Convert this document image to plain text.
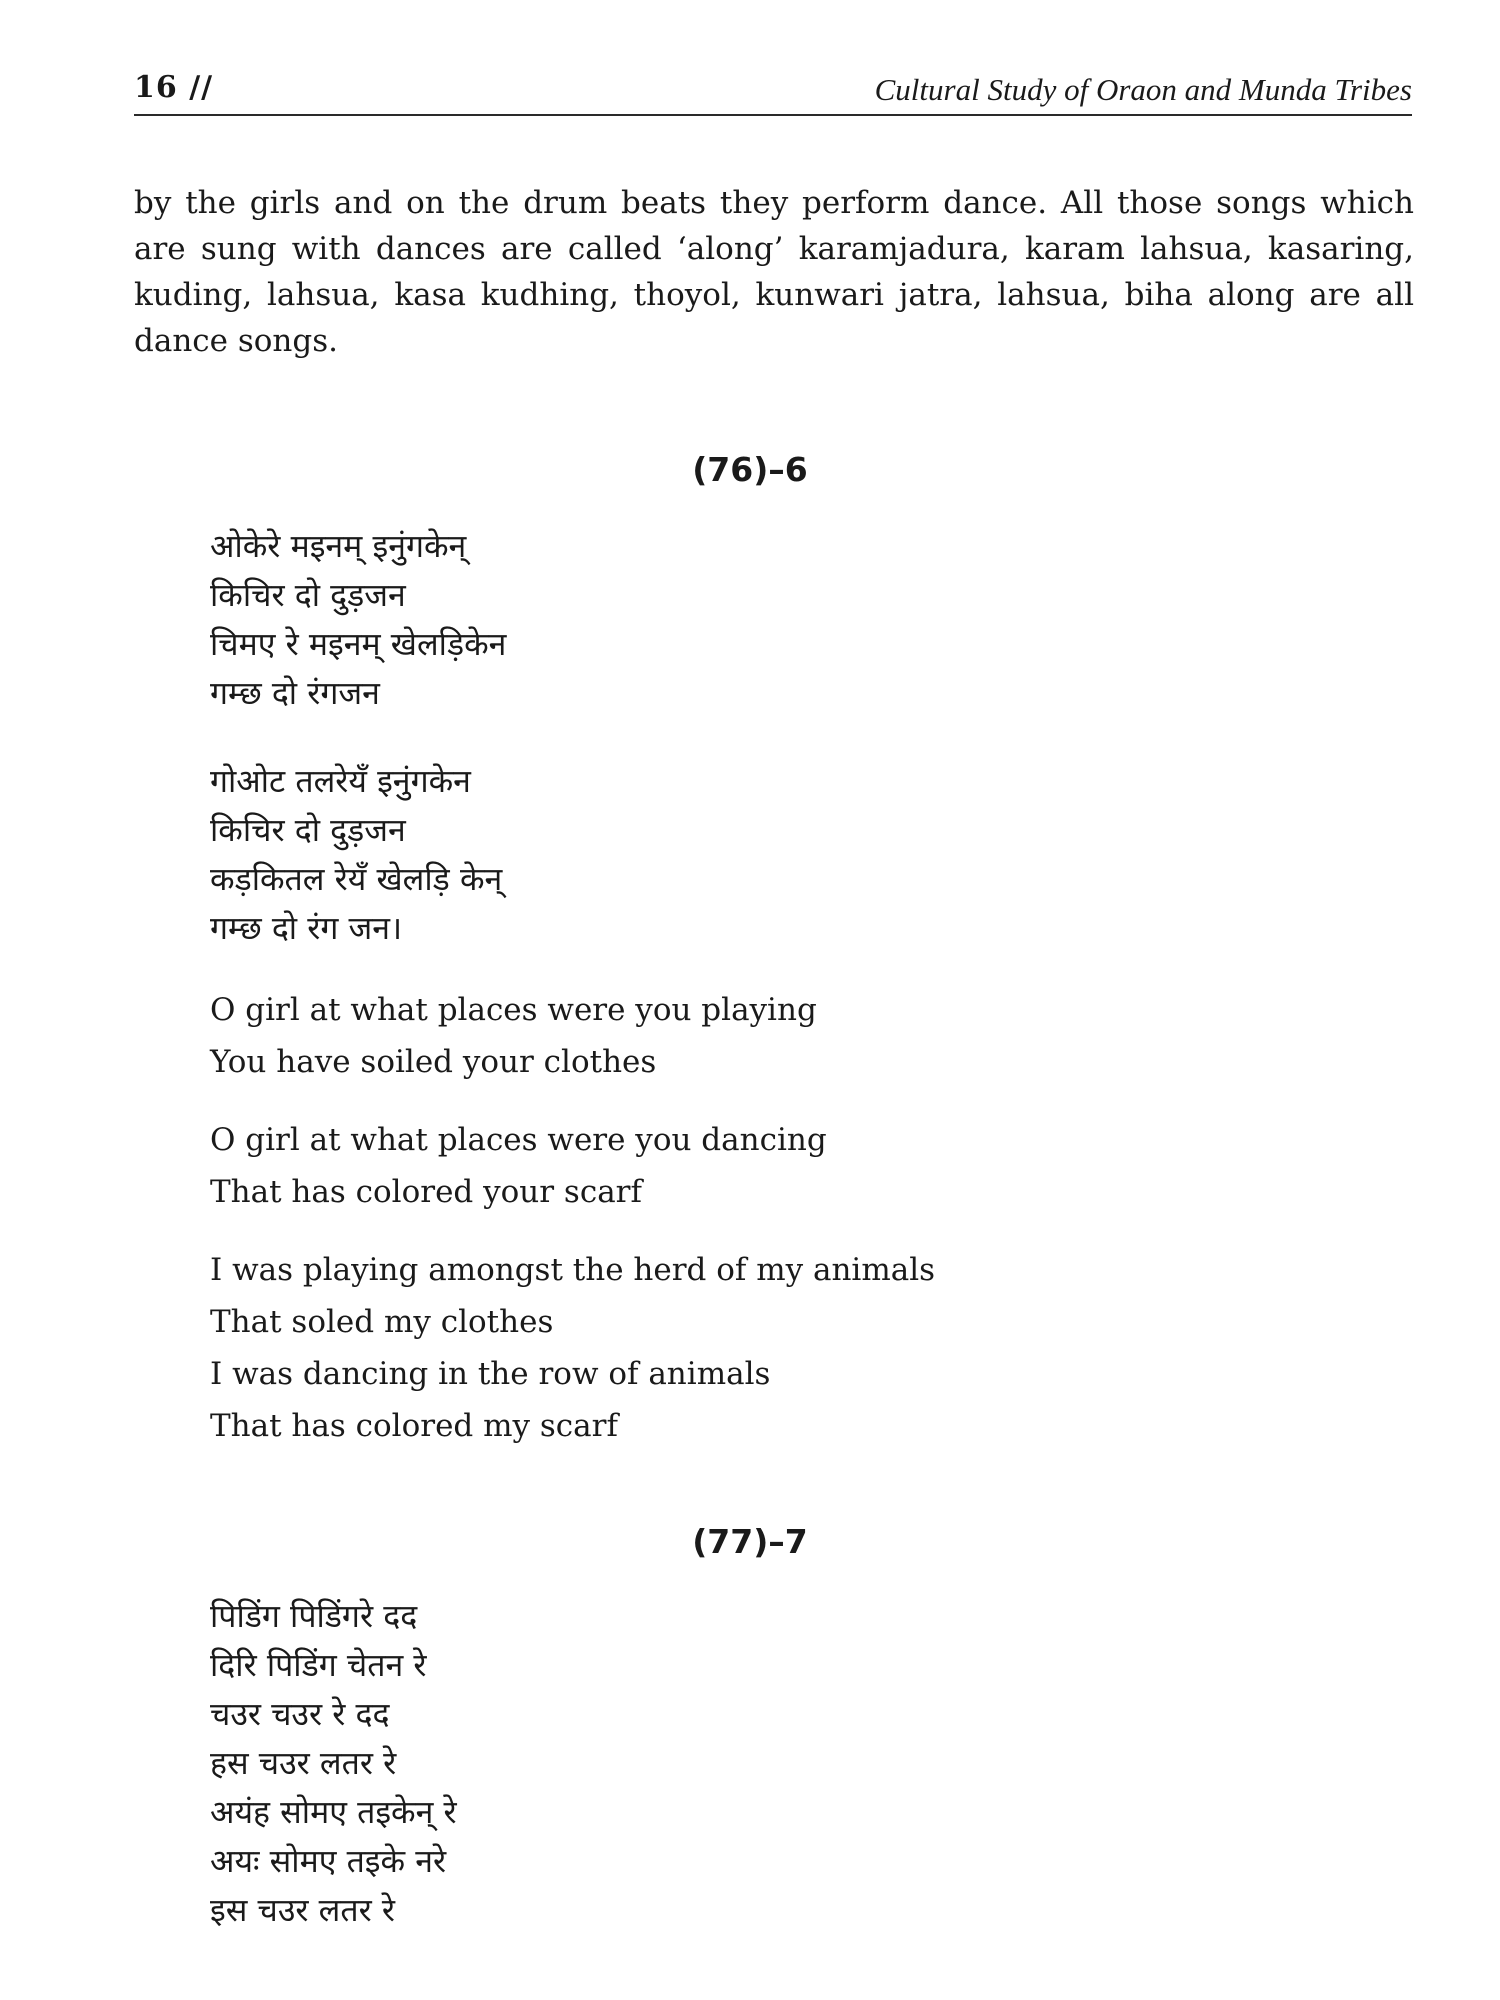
16 //	Cultural Study of Oraon and Munda Tribes

by the girls and on the drum beats they perform dance. All those songs which are sung with dances are called ‘along’ karamjadura, karam lahsua, kasaring, kuding, lahsua, kasa kudhing, thoyol, kunwari jatra, lahsua, biha along are all dance songs.

(76)–6
ओकेरे मइनम् इनुंगकेन्
किचिर दो दुड़जन
चिमए रे मइनम् खेलड़िकेन
गम्छ दो रंगजन
गोओट तलरेयँ इनुंगकेन
किचिर दो दुड़जन
कड़कितल रेयँ खेलड़ि केन्
गम्छ दो रंग जन।
O girl at what places were you playing
You have soiled your clothes
O girl at what places were you dancing
That has colored your scarf
I was playing amongst the herd of my animals
That soled my clothes
I was dancing in the row of animals
That has colored my scarf
(77)–7
पिडिंग पिडिंगरे दद
दिरि पिडिंग चेतन रे
चउर चउर रे दद
हस चउर लतर रे
अयंह सोमए तइकेन् रे
अयः सोमए तइके नरे
इस चउर लतर रे
